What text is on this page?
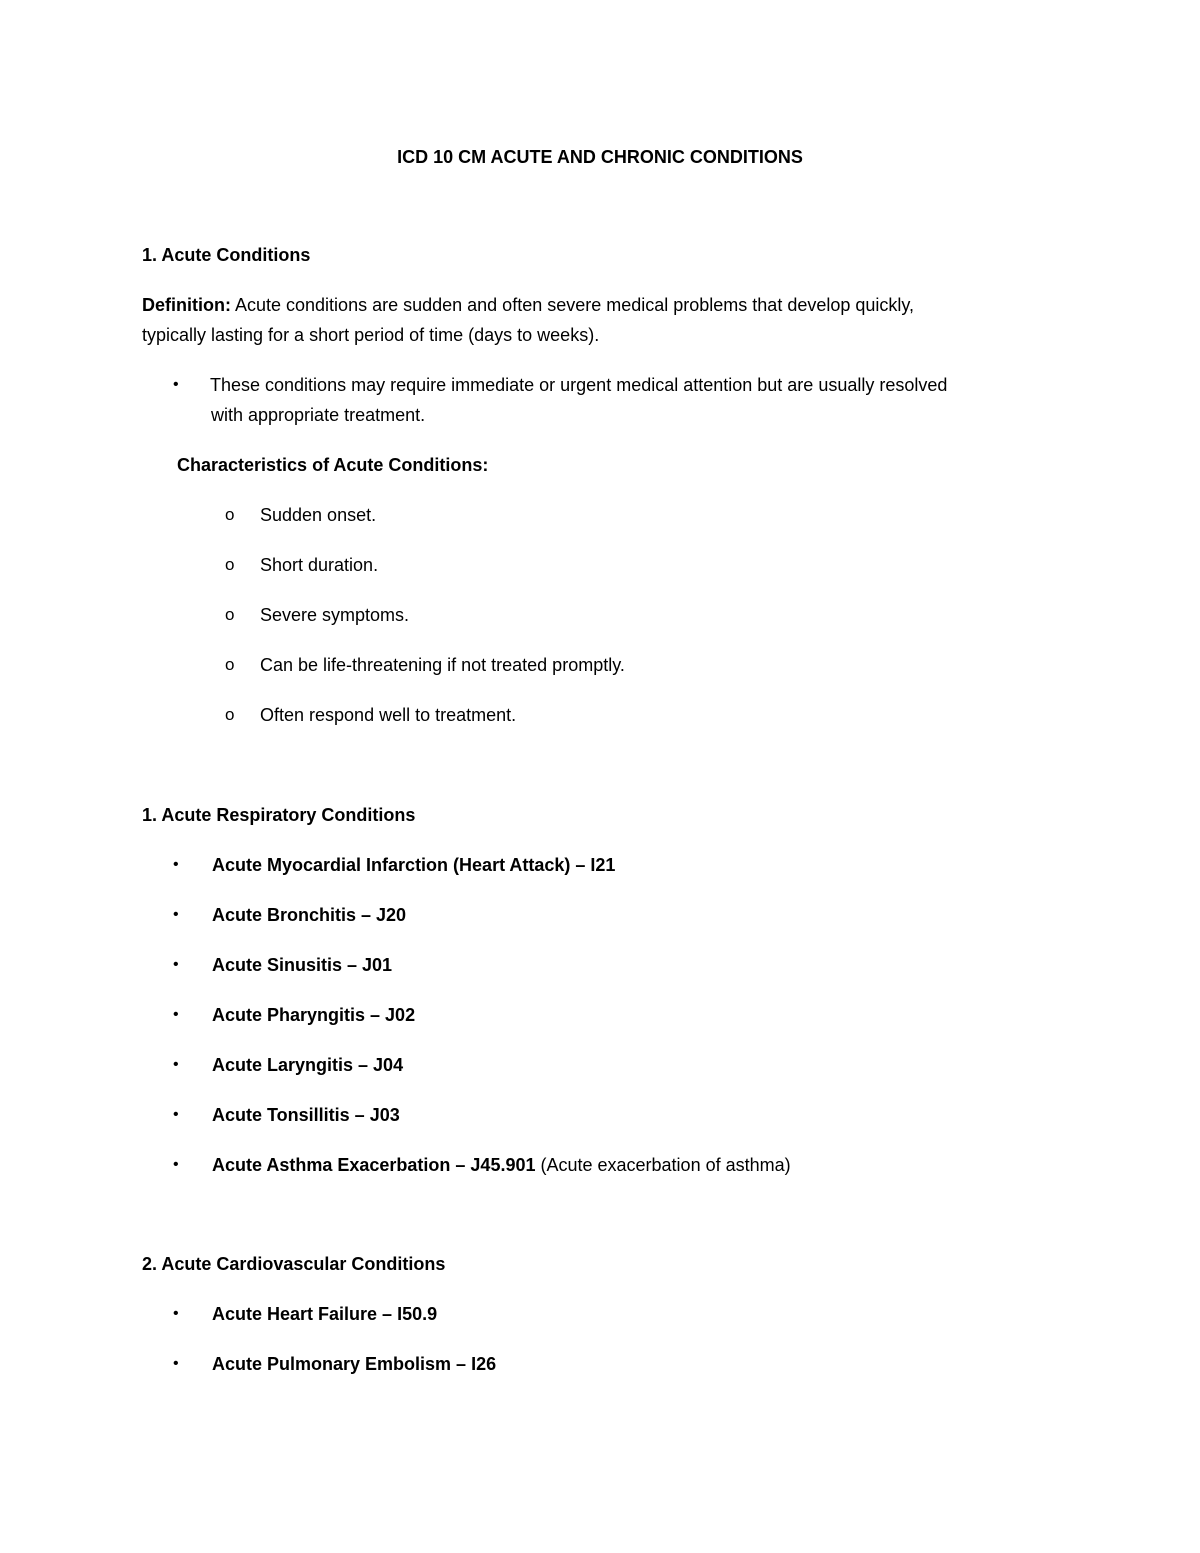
ICD 10 CM ACUTE AND CHRONIC CONDITIONS
1. Acute Conditions
Definition: Acute conditions are sudden and often severe medical problems that develop quickly,
typically lasting for a short period of time (days to weeks).
• These conditions may require immediate or urgent medical attention but are usually resolved
with appropriate treatment.
Characteristics of Acute Conditions:
o Sudden onset.
o Short duration.
o Severe symptoms.
o Can be life-threatening if not treated promptly.
o Often respond well to treatment.
1. Acute Respiratory Conditions
• Acute Myocardial Infarction (Heart Attack) – I21
• Acute Bronchitis – J20
• Acute Sinusitis – J01
• Acute Pharyngitis – J02
• Acute Laryngitis – J04
• Acute Tonsillitis – J03
• Acute Asthma Exacerbation – J45.901 (Acute exacerbation of asthma)
2. Acute Cardiovascular Conditions
• Acute Heart Failure – I50.9
• Acute Pulmonary Embolism – I26
